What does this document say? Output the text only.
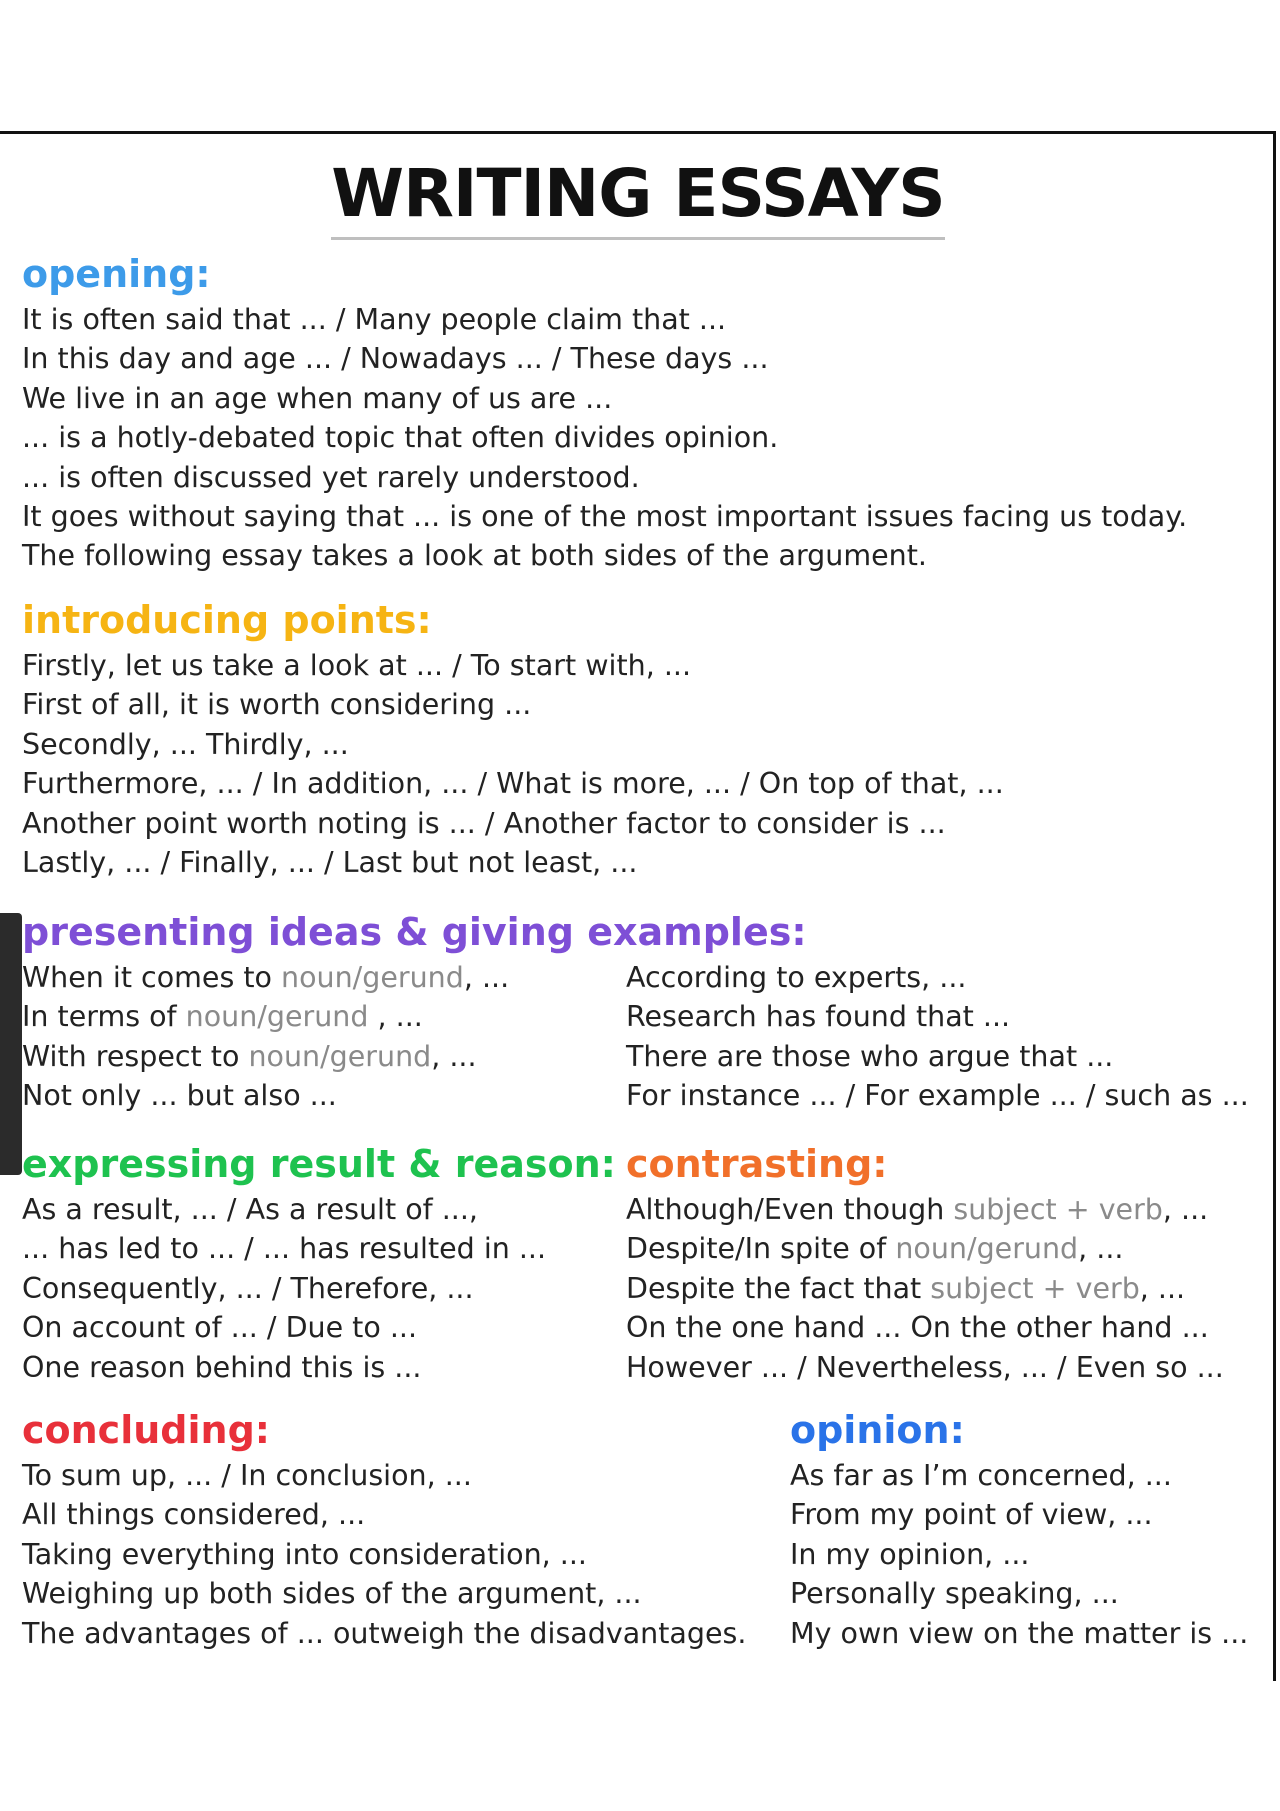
WRITING ESSAYS
opening:
It is often said that ... / Many people claim that ...
In this day and age ... / Nowadays ... / These days ...
We live in an age when many of us are ...
... is a hotly-debated topic that often divides opinion.
... is often discussed yet rarely understood.
It goes without saying that ... is one of the most important issues facing us today.
The following essay takes a look at both sides of the argument.
introducing points:
Firstly, let us take a look at ... / To start with, ...
First of all, it is worth considering ...
Secondly, ... Thirdly, ...
Furthermore, ... / In addition, ... / What is more, ... / On top of that, ...
Another point worth noting is ... / Another factor to consider is ...
Lastly, ... / Finally, ... / Last but not least, ...
presenting ideas & giving examples:
When it comes to noun/gerund, ...
In terms of noun/gerund , ...
With respect to noun/gerund, ...
Not only ... but also ...
According to experts, ...
Research has found that ...
There are those who argue that ...
For instance ... / For example ... / such as ...
expressing result & reason:
As a result, ... / As a result of ...,
... has led to ... / ... has resulted in ...
Consequently, ... / Therefore, ...
On account of ... / Due to ...
One reason behind this is ...
contrasting:
Although/Even though subject + verb, ...
Despite/In spite of noun/gerund, ...
Despite the fact that subject + verb, ...
On the one hand ... On the other hand ...
However ... / Nevertheless, ... / Even so ...
concluding:
To sum up, ... / In conclusion, ...
All things considered, ...
Taking everything into consideration, ...
Weighing up both sides of the argument, ...
The advantages of ... outweigh the disadvantages.
opinion:
As far as I’m concerned, ...
From my point of view, ...
In my opinion, ...
Personally speaking, ...
My own view on the matter is ...
